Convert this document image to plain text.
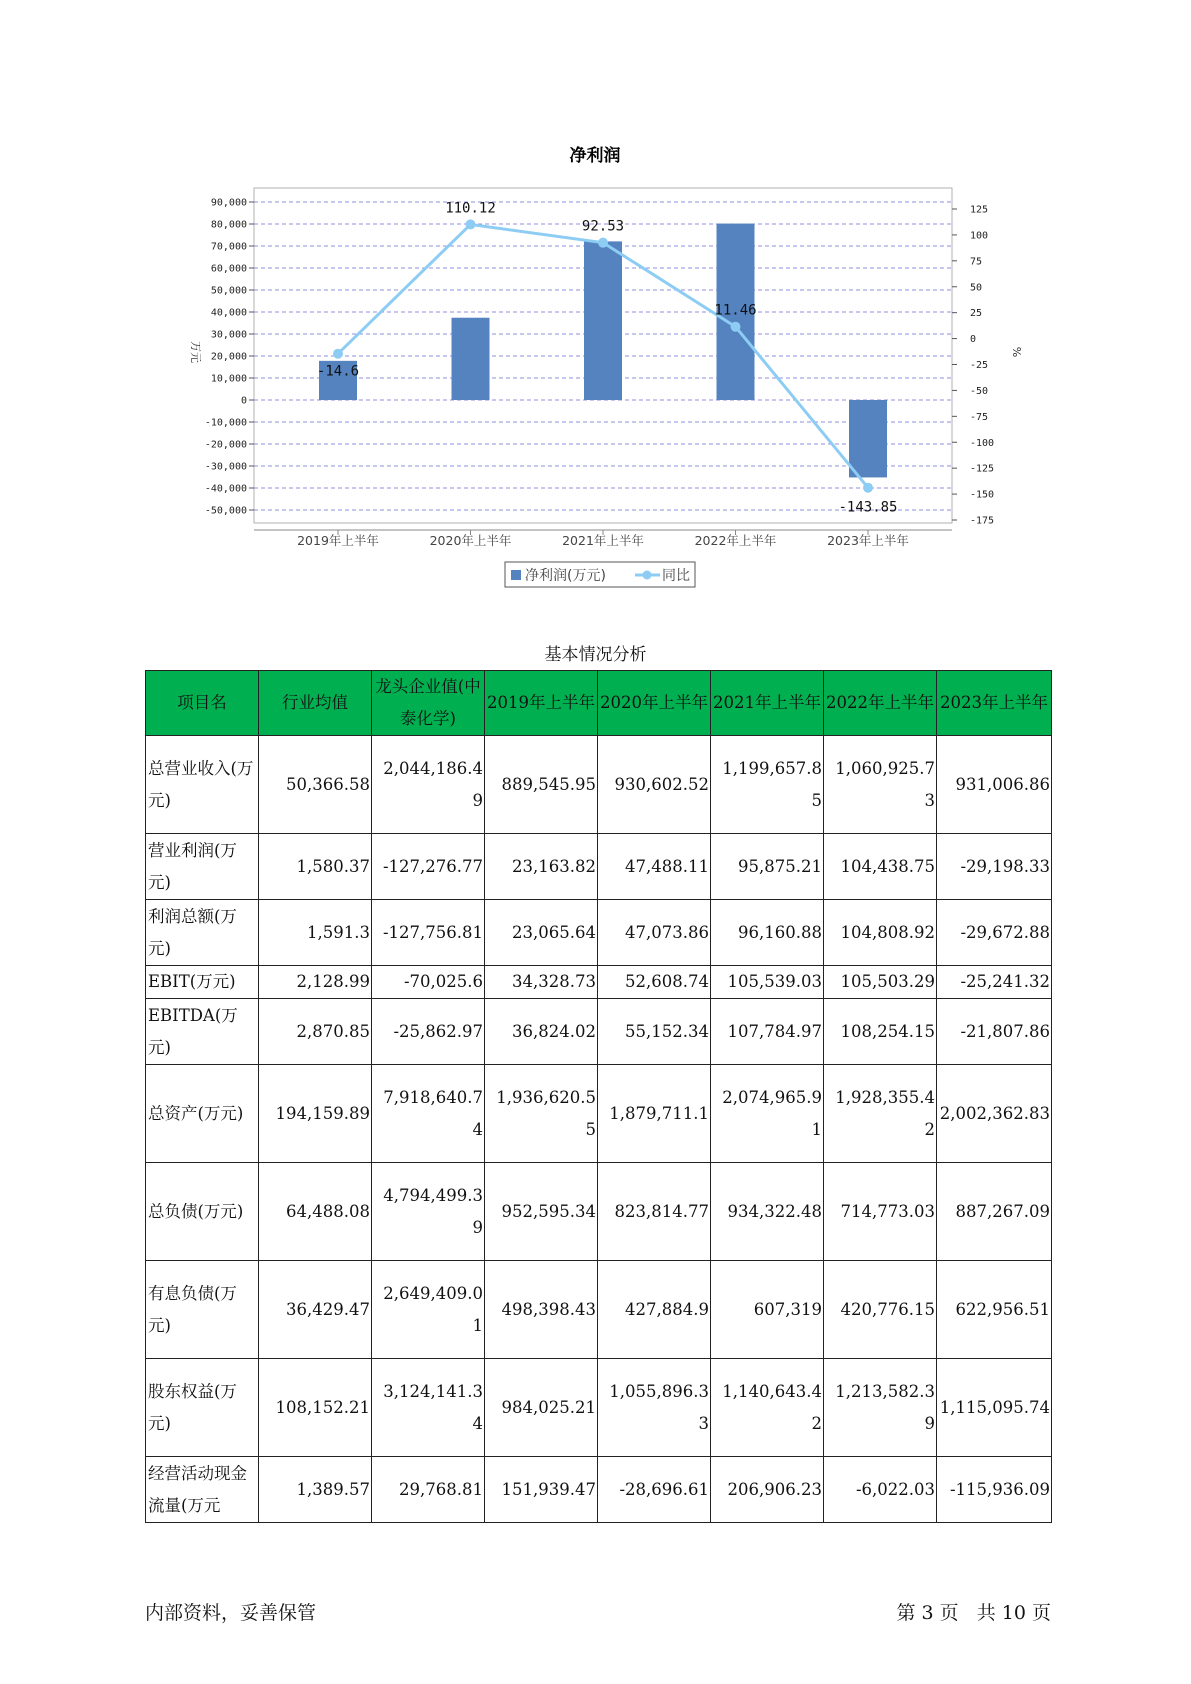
净利润
90,000
80,000
70,000
60,000
50,000
40,000
30,000
20,000
10,000
0
-10,000
-20,000
-30,000
-40,000
-50,000
125
100
75
50
25
0
-25
-50
-75
-100
-125
-150
-175
万元	%
2019年上半年	2020年上半年	2021年上半年	2022年上半年	2023年上半年
-14.6
110.12
92.53
11.46
-143.85
净利润(万元)	同比
基本情况分析
项目名	行业均值	龙头企业值(中泰化学)	2019年上半年	2020年上半年	2021年上半年	2022年上半年	2023年上半年
总营业收入(万元)	50,366.58	2,044,186.49	889,545.95	930,602.52	1,199,657.85	1,060,925.73	931,006.86
营业利润(万元)	1,580.37	-127,276.77	23,163.82	47,488.11	95,875.21	104,438.75	-29,198.33
利润总额(万元)	1,591.3	-127,756.81	23,065.64	47,073.86	96,160.88	104,808.92	-29,672.88
EBIT(万元)	2,128.99	-70,025.6	34,328.73	52,608.74	105,539.03	105,503.29	-25,241.32
EBITDA(万元)	2,870.85	-25,862.97	36,824.02	55,152.34	107,784.97	108,254.15	-21,807.86
总资产(万元)	194,159.89	7,918,640.74	1,936,620.55	1,879,711.1	2,074,965.91	1,928,355.42	2,002,362.83
总负债(万元)	64,488.08	4,794,499.39	952,595.34	823,814.77	934,322.48	714,773.03	887,267.09
有息负债(万元)	36,429.47	2,649,409.01	498,398.43	427,884.9	607,319	420,776.15	622,956.51
股东权益(万元)	108,152.21	3,124,141.34	984,025.21	1,055,896.33	1,140,643.42	1,213,582.39	1,115,095.74
经营活动现金流量(万元	1,389.57	29,768.81	151,939.47	-28,696.61	206,906.23	-6,022.03	-115,936.09
内部资料，妥善保管	第 3 页   共 10 页
